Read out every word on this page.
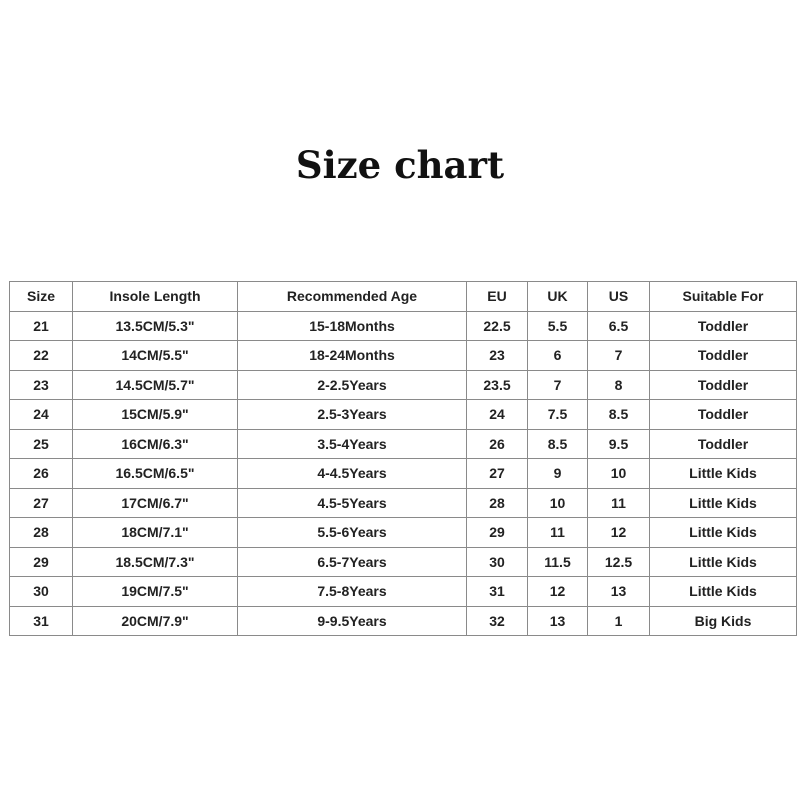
Size chart
Size	Insole Length	Recommended Age	EU	UK	US	Suitable For
21	13.5CM/5.3"	15-18Months	22.5	5.5	6.5	Toddler
22	14CM/5.5"	18-24Months	23	6	7	Toddler
23	14.5CM/5.7"	2-2.5Years	23.5	7	8	Toddler
24	15CM/5.9"	2.5-3Years	24	7.5	8.5	Toddler
25	16CM/6.3"	3.5-4Years	26	8.5	9.5	Toddler
26	16.5CM/6.5"	4-4.5Years	27	9	10	Little Kids
27	17CM/6.7"	4.5-5Years	28	10	11	Little Kids
28	18CM/7.1"	5.5-6Years	29	11	12	Little Kids
29	18.5CM/7.3"	6.5-7Years	30	11.5	12.5	Little Kids
30	19CM/7.5"	7.5-8Years	31	12	13	Little Kids
31	20CM/7.9"	9-9.5Years	32	13	1	Big Kids
